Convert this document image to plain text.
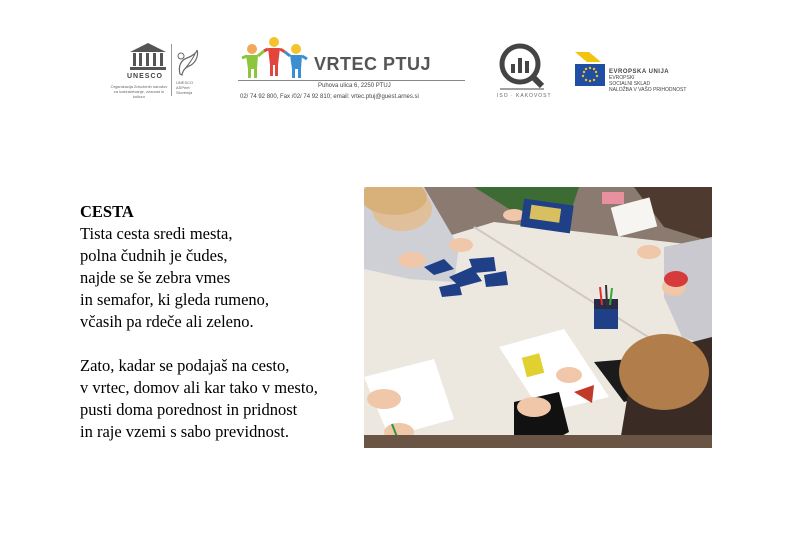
UNESCO
Organizacija Združenih narodov za izobraževanje, znanost in kulturo
UNESCO ASPnet Slovenija
VRTEC PTUJ
Puhova ulica 6, 2250 PTUJ
02/ 74 92 800, Fax /02/ 74 92 810; email: vrtec.ptuj@guest.arnes.si	ISO · KAKOVOST
EVROPSKA UNIJA
EVROPSKI
SOCIALNI SKLAD
NALOŽBA V VAŠO PRIHODNOST
CESTA
Tista cesta sredi mesta,
polna čudnih je čudes,
najde se še zebra vmes
in semafor, ki gleda rumeno,
včasih pa rdeče ali zeleno.
Zato, kadar se podajaš na cesto,
v vrtec, domov ali kar tako v mesto,
pusti doma porednost in pridnost
in raje vzemi s sabo previdnost.
